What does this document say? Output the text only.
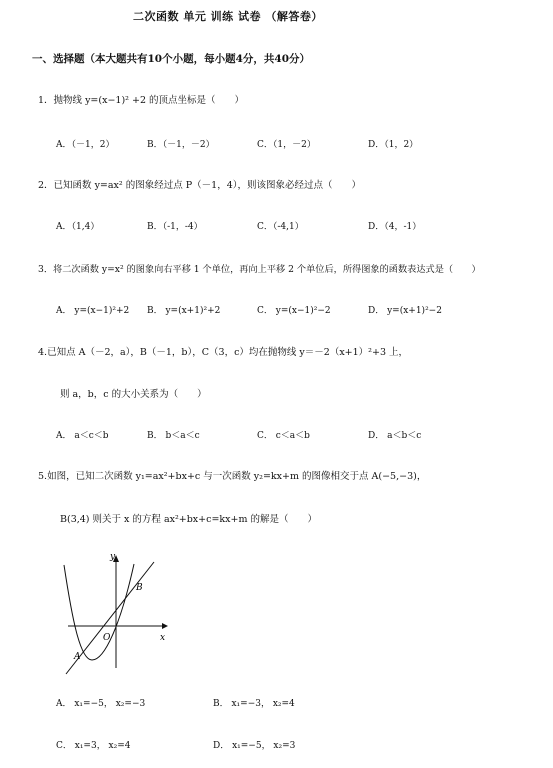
二次函数 单元 训练 试卷 （解答卷）
一、选择题（本大题共有10个小题，每小题4分，共40分）
1．抛物线 y=(x−1)² +2 的顶点坐标是（　　）
A．（－1，2）	B．（－1，－2）	C．（1，－2）	D．（1，2）
2．已知函数 y=ax² 的图象经过点 P（－1，4），则该图象必经过点（　　）
A．（1,4）	B．（-1，-4）	C．（-4,1）	D．（4，-1）
3．将二次函数 y=x² 的图象向右平移 1 个单位，再向上平移 2 个单位后，所得图象的函数表达式是（　　）
A． y=(x−1)²+2 B． y=(x+1)²+2	C． y=(x−1)²−2	D． y=(x+1)²−2
4.已知点 A（－2，a），B（－1，b），C（3，c）均在抛物线 y＝－2（x+1）²+3 上，
则 a，b，c 的大小关系为（　　）
A． a＜c＜b	B． b＜a＜c	C． c＜a＜b	D． a＜b＜c
5.如图，已知二次函数 y₁=ax²+bx+c 与一次函数 y₂=kx+m 的图像相交于点 A(−5,−3)，
B(3,4) 则关于 x 的方程 ax²+bx+c=kx+m 的解是（　　）
y
x
O
B
A
A． x₁=−5， x₂=−3	B． x₁=−3， x₂=4
C． x₁=3， x₂=4	D． x₁=−5， x₂=3
